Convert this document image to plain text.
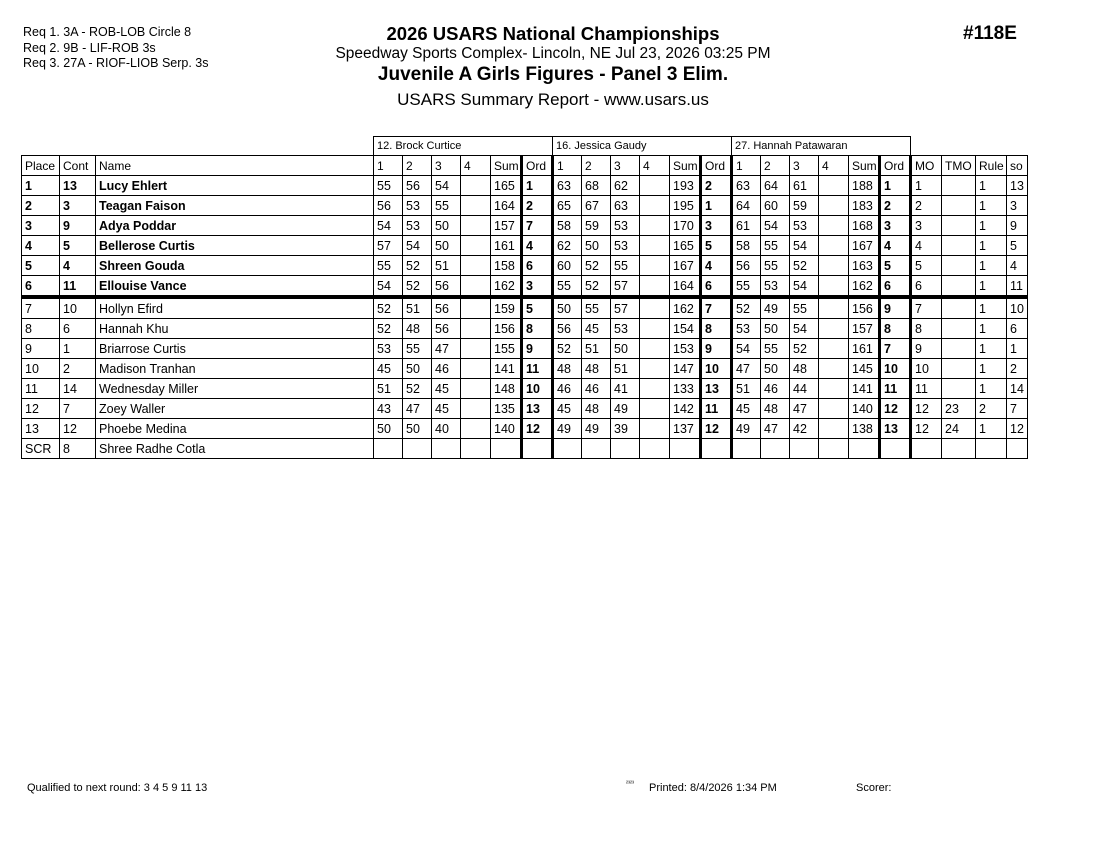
Req 1. 3A - ROB-LOB Circle 8
Req 2. 9B - LIF-ROB 3s
Req 3. 27A - RIOF-LIOB Serp. 3s
2026 USARS National Championships
Speedway Sports Complex- Lincoln, NE Jul 23, 2026 03:25 PM
Juvenile A Girls Figures - Panel 3 Elim.
USARS Summary Report - www.usars.us
#118E
			12. Brock Curtice						16. Jessica Gaudy						27. Hannah Patawaran									
Place	Cont	Name	1	2	3	4	Sum	Ord	1	2	3	4	Sum	Ord	1	2	3	4	Sum	Ord	MO	TMO	Rule	so
1	13	Lucy Ehlert	55	56	54		165	1	63	68	62		193	2	63	64	61		188	1	1		1	13
2	3	Teagan Faison	56	53	55		164	2	65	67	63		195	1	64	60	59		183	2	2		1	3
3	9	Adya Poddar	54	53	50		157	7	58	59	53		170	3	61	54	53		168	3	3		1	9
4	5	Bellerose Curtis	57	54	50		161	4	62	50	53		165	5	58	55	54		167	4	4		1	5
5	4	Shreen Gouda	55	52	51		158	6	60	52	55		167	4	56	55	52		163	5	5		1	4
6	11	Ellouise Vance	54	52	56		162	3	55	52	57		164	6	55	53	54		162	6	6		1	11
7	10	Hollyn Efird	52	51	56		159	5	50	55	57		162	7	52	49	55		156	9	7		1	10
8	6	Hannah Khu	52	48	56		156	8	56	45	53		154	8	53	50	54		157	8	8		1	6
9	1	Briarrose Curtis	53	55	47		155	9	52	51	50		153	9	54	55	52		161	7	9		1	1
10	2	Madison Tranhan	45	50	46		141	11	48	48	51		147	10	47	50	48		145	10	10		1	2
11	14	Wednesday Miller	51	52	45		148	10	46	46	41		133	13	51	46	44		141	11	11		1	14
12	7	Zoey Waller	43	47	45		135	13	45	48	49		142	11	45	48	47		140	12	12	23	2	7
13	12	Phoebe Medina	50	50	40		140	12	49	49	39		137	12	49	47	42		138	13	12	24	1	12
SCR	8	Shree Radhe Cotla																						
Qualified to next round: 3 4 5 9 11 13	²³²³ Printed: 8/4/2026 1:34 PM	Scorer:
